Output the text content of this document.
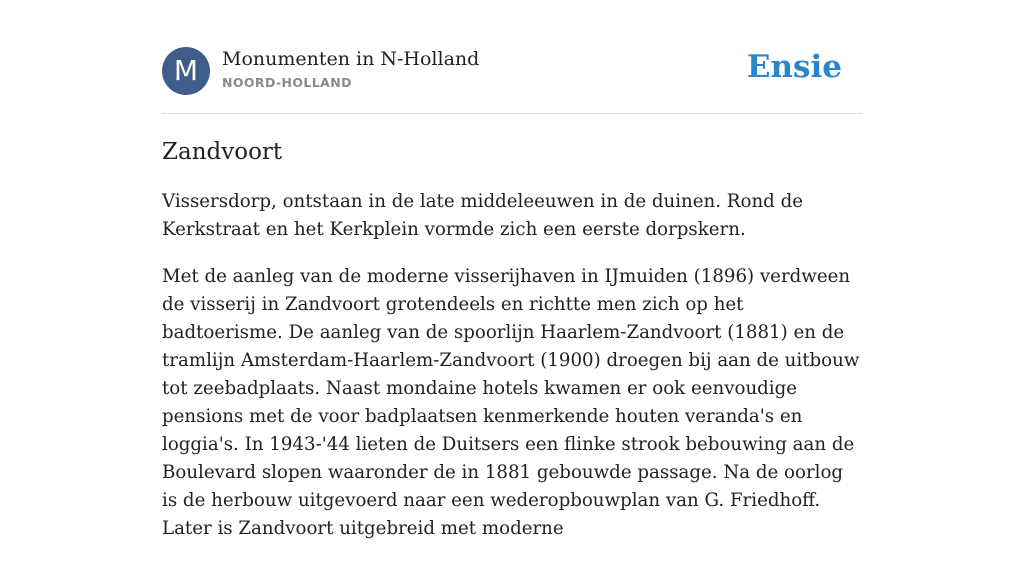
M	Monumenten in N-Holland
NOORD-HOLLAND	Ensie
Zandvoort

Vissersdorp, ontstaan in de late middeleeuwen in de duinen. Rond de Kerkstraat en het Kerkplein vormde zich een eerste dorpskern.

Met de aanleg van de moderne visserijhaven in IJmuiden (1896) verdween de visserij in Zandvoort grotendeels en richtte men zich op het badtoerisme. De aanleg van de spoorlijn Haarlem-Zandvoort (1881) en de tramlijn Amsterdam-Haarlem-Zandvoort (1900) droegen bij aan de uitbouw tot zeebadplaats. Naast mondaine hotels kwamen er ook eenvoudige pensions met de voor badplaatsen kenmerkende houten veranda's en loggia's. In 1943-'44 lieten de Duitsers een flinke strook bebouwing aan de Boulevard slopen waaronder de in 1881 gebouwde passage. Na de oorlog is de herbouw uitgevoerd naar een wederopbouwplan van G. Friedhoff. Later is Zandvoort uitgebreid met moderne
